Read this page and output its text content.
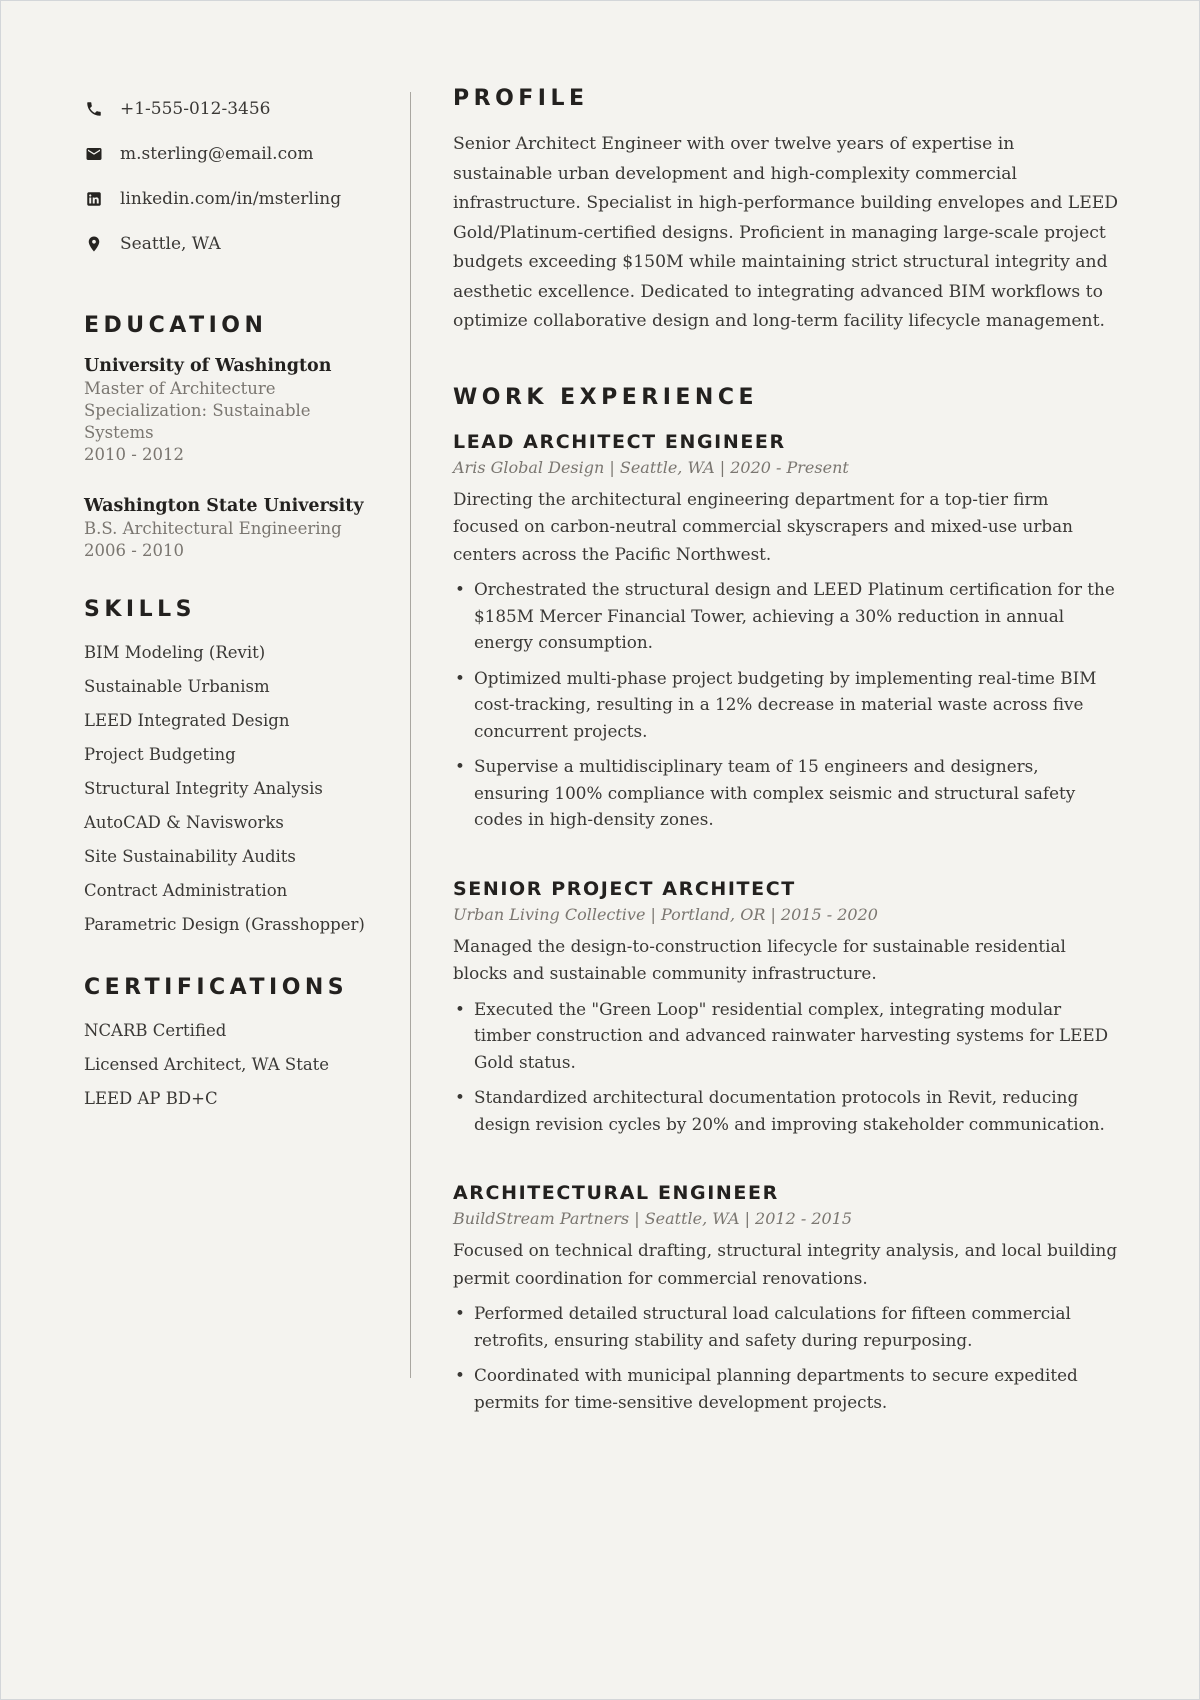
+1-555-012-3456
m.sterling@email.com
linkedin.com/in/msterling
Seattle, WA
EDUCATION
University of Washington
Master of Architecture
Specialization: Sustainable Systems
2010 - 2012
Washington State University
B.S. Architectural Engineering
2006 - 2010
SKILLS
BIM Modeling (Revit)
Sustainable Urbanism
LEED Integrated Design
Project Budgeting
Structural Integrity Analysis
AutoCAD & Navisworks
Site Sustainability Audits
Contract Administration
Parametric Design (Grasshopper)
CERTIFICATIONS
NCARB Certified
Licensed Architect, WA State
LEED AP BD+C
PROFILE

Senior Architect Engineer with over twelve years of expertise in sustainable urban development and high-complexity commercial infrastructure. Specialist in high-performance building envelopes and LEED Gold/Platinum-certified designs. Proficient in managing large-scale project budgets exceeding $150M while maintaining strict structural integrity and aesthetic excellence. Dedicated to integrating advanced BIM workflows to optimize collaborative design and long-term facility lifecycle management.

WORK EXPERIENCE
LEAD ARCHITECT ENGINEER
Aris Global Design | Seattle, WA | 2020 - Present
Directing the architectural engineering department for a top-tier firm focused on carbon-neutral commercial skyscrapers and mixed-use urban centers across the Pacific Northwest.
• Orchestrated the structural design and LEED Platinum certification for the $185M Mercer Financial Tower, achieving a 30% reduction in annual energy consumption.
• Optimized multi-phase project budgeting by implementing real-time BIM cost-tracking, resulting in a 12% decrease in material waste across five concurrent projects.
• Supervise a multidisciplinary team of 15 engineers and designers, ensuring 100% compliance with complex seismic and structural safety codes in high-density zones.
SENIOR PROJECT ARCHITECT
Urban Living Collective | Portland, OR | 2015 - 2020
Managed the design-to-construction lifecycle for sustainable residential blocks and sustainable community infrastructure.
• Executed the "Green Loop" residential complex, integrating modular timber construction and advanced rainwater harvesting systems for LEED Gold status.
• Standardized architectural documentation protocols in Revit, reducing design revision cycles by 20% and improving stakeholder communication.
ARCHITECTURAL ENGINEER
BuildStream Partners | Seattle, WA | 2012 - 2015
Focused on technical drafting, structural integrity analysis, and local building permit coordination for commercial renovations.
• Performed detailed structural load calculations for fifteen commercial retrofits, ensuring stability and safety during repurposing.
• Coordinated with municipal planning departments to secure expedited permits for time-sensitive development projects.
